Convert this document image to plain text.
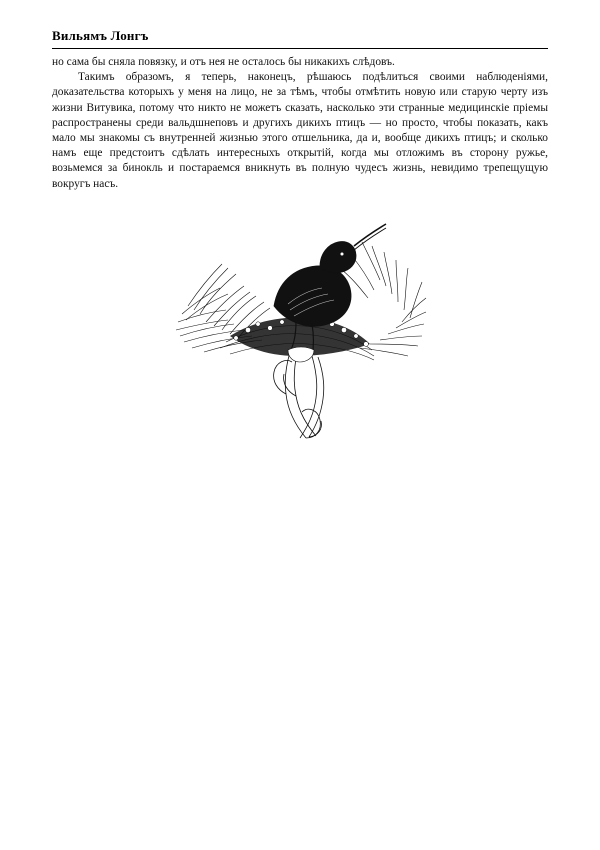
Вильямъ Лонгъ

но сама бы сняла повязку, и отъ нея не осталось бы никакихъ слѣдовъ.

Такимъ образомъ, я теперь, наконецъ, рѣшаюсь подѣлиться своими наблюденіями, доказательства которыхъ у меня на лицо, не за тѣмъ, чтобы отмѣтить новую или старую черту изъ жизни Витувика, потому что никто не можетъ сказать, насколько эти странные медицинскіе пріемы распространены среди вальдшнеповъ и другихъ дикихъ птицъ — но просто, чтобы показать, какъ мало мы знакомы съ внутренней жизнью этого отшельника, да и, вообще дикихъ птицъ; и сколько намъ еще предстоитъ сдѣлать интересныхъ открытій, когда мы отложимъ въ сторону ружье, возьмемся за бинокль и постараемся вникнуть въ полную чудесъ жизнь, невидимо трепещущую вокругъ насъ.
